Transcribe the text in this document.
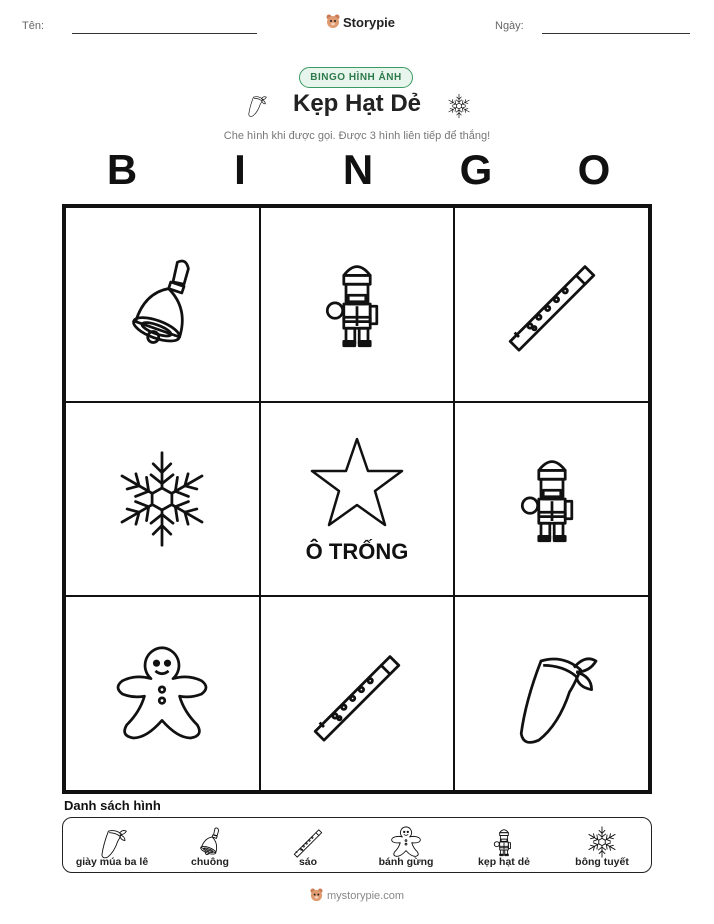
Tên:	Storypie	Ngày:
BINGO HÌNH ẢNH
Kẹp Hạt Dẻ
Che hình khi được gọi. Được 3 hình liên tiếp để thắng!
B	I	N	G	O
Ô TRỐNG
Danh sách hình
giày múa ba lê	chuông	sáo	bánh gừng	kẹp hạt dẻ	bông tuyết
mystorypie.com
